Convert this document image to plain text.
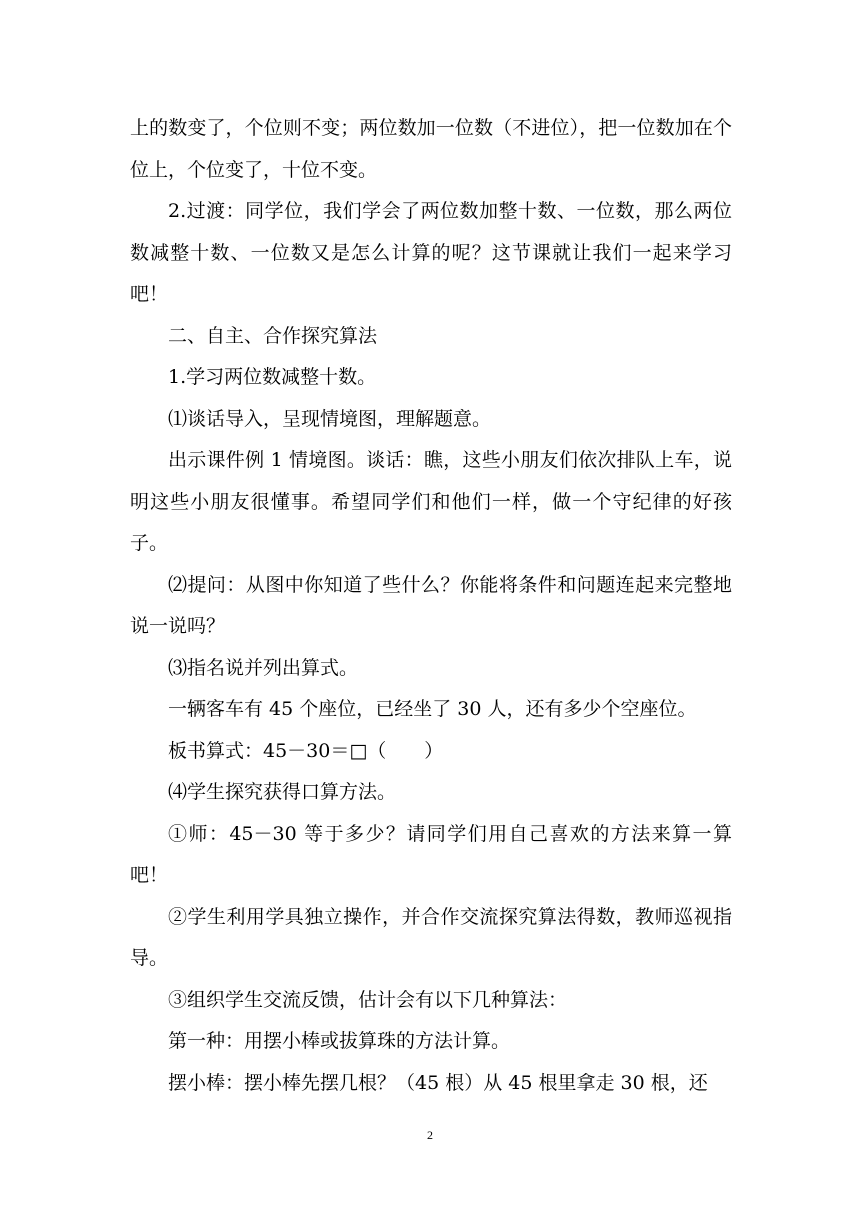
上的数变了，个位则不变；两位数加一位数（不进位），把一位数加在个位上，个位变了，十位不变。

2.过渡：同学位，我们学会了两位数加整十数、一位数，那么两位数减整十数、一位数又是怎么计算的呢？这节课就让我们一起来学习吧！

二、自主、合作探究算法

1.学习两位数减整十数。

⑴谈话导入，呈现情境图，理解题意。

出示课件例 1 情境图。谈话：瞧，这些小朋友们依次排队上车，说明这些小朋友很懂事。希望同学们和他们一样，做一个守纪律的好孩子。

⑵提问：从图中你知道了些什么？你能将条件和问题连起来完整地说一说吗？

⑶指名说并列出算式。

一辆客车有 45 个座位，已经坐了 30 人，还有多少个空座位。

板书算式：45－30＝□（　　）

⑷学生探究获得口算方法。

①师：45－30 等于多少？请同学们用自己喜欢的方法来算一算吧！

②学生利用学具独立操作，并合作交流探究算法得数，教师巡视指导。

③组织学生交流反馈，估计会有以下几种算法：

第一种：用摆小棒或拔算珠的方法计算。

摆小棒：摆小棒先摆几根？（45 根）从 45 根里拿走 30 根，还

2
